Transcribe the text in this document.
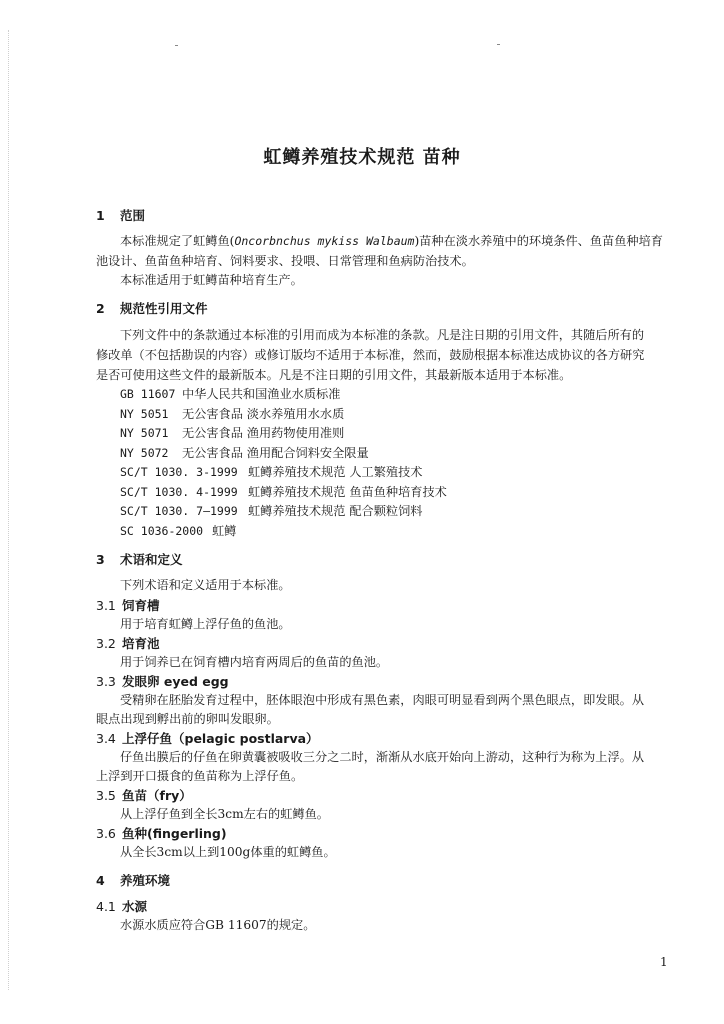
虹鳟养殖技术规范 苗种
1 范围
本标准规定了虹鳟鱼(Oncorbnchus mykiss Walbaum)苗种在淡水养殖中的环境条件、鱼苗鱼种培育
池设计、鱼苗鱼种培育、饲料要求、投喂、日常管理和鱼病防治技术。
本标准适用于虹鳟苗种培育生产。
2 规范性引用文件
下列文件中的条款通过本标准的引用而成为本标准的条款。凡是注日期的引用文件，其随后所有的
修改单（不包括勘误的内容）或修订版均不适用于本标准，然而，鼓励根据本标准达成协议的各方研究
是否可使用这些文件的最新版本。凡是不注日期的引用文件，其最新版本适用于本标准。
GB 11607 中华人民共和国渔业水质标准
NY 5051 无公害食品 淡水养殖用水水质
NY 5071 无公害食品 渔用药物使用准则
NY 5072 无公害食品 渔用配合饲料安全限量
SC/T 1030. 3-1999 虹鳟养殖技术规范 人工繁殖技术
SC/T 1030. 4-1999 虹鳟养殖技术规范 鱼苗鱼种培育技术
SC/T 1030. 7—1999 虹鳟养殖技术规范 配合颗粒饲料
SC 1036-2000 虹鳟
3 术语和定义
下列术语和定义适用于本标准。
3.1 饲育槽
用于培育虹鳟上浮仔鱼的鱼池。
3.2 培育池
用于饲养已在饲育槽内培育两周后的鱼苗的鱼池。
3.3 发眼卵 eyed egg
受精卵在胚胎发育过程中，胚体眼泡中形成有黑色素，肉眼可明显看到两个黑色眼点，即发眼。从
眼点出现到孵出前的卵叫发眼卵。
3.4 上浮仔鱼（pelagic postlarva）
仔鱼出膜后的仔鱼在卵黄囊被吸收三分之二时，渐渐从水底开始向上游动，这种行为称为上浮。从
上浮到开口摄食的鱼苗称为上浮仔鱼。
3.5 鱼苗（fry）
从上浮仔鱼到全长3cm左右的虹鳟鱼。
3.6 鱼种(fingerling)
从全长3cm以上到100g体重的虹鳟鱼。
4 养殖环境
4.1 水源
水源水质应符合GB 11607的规定。
1
